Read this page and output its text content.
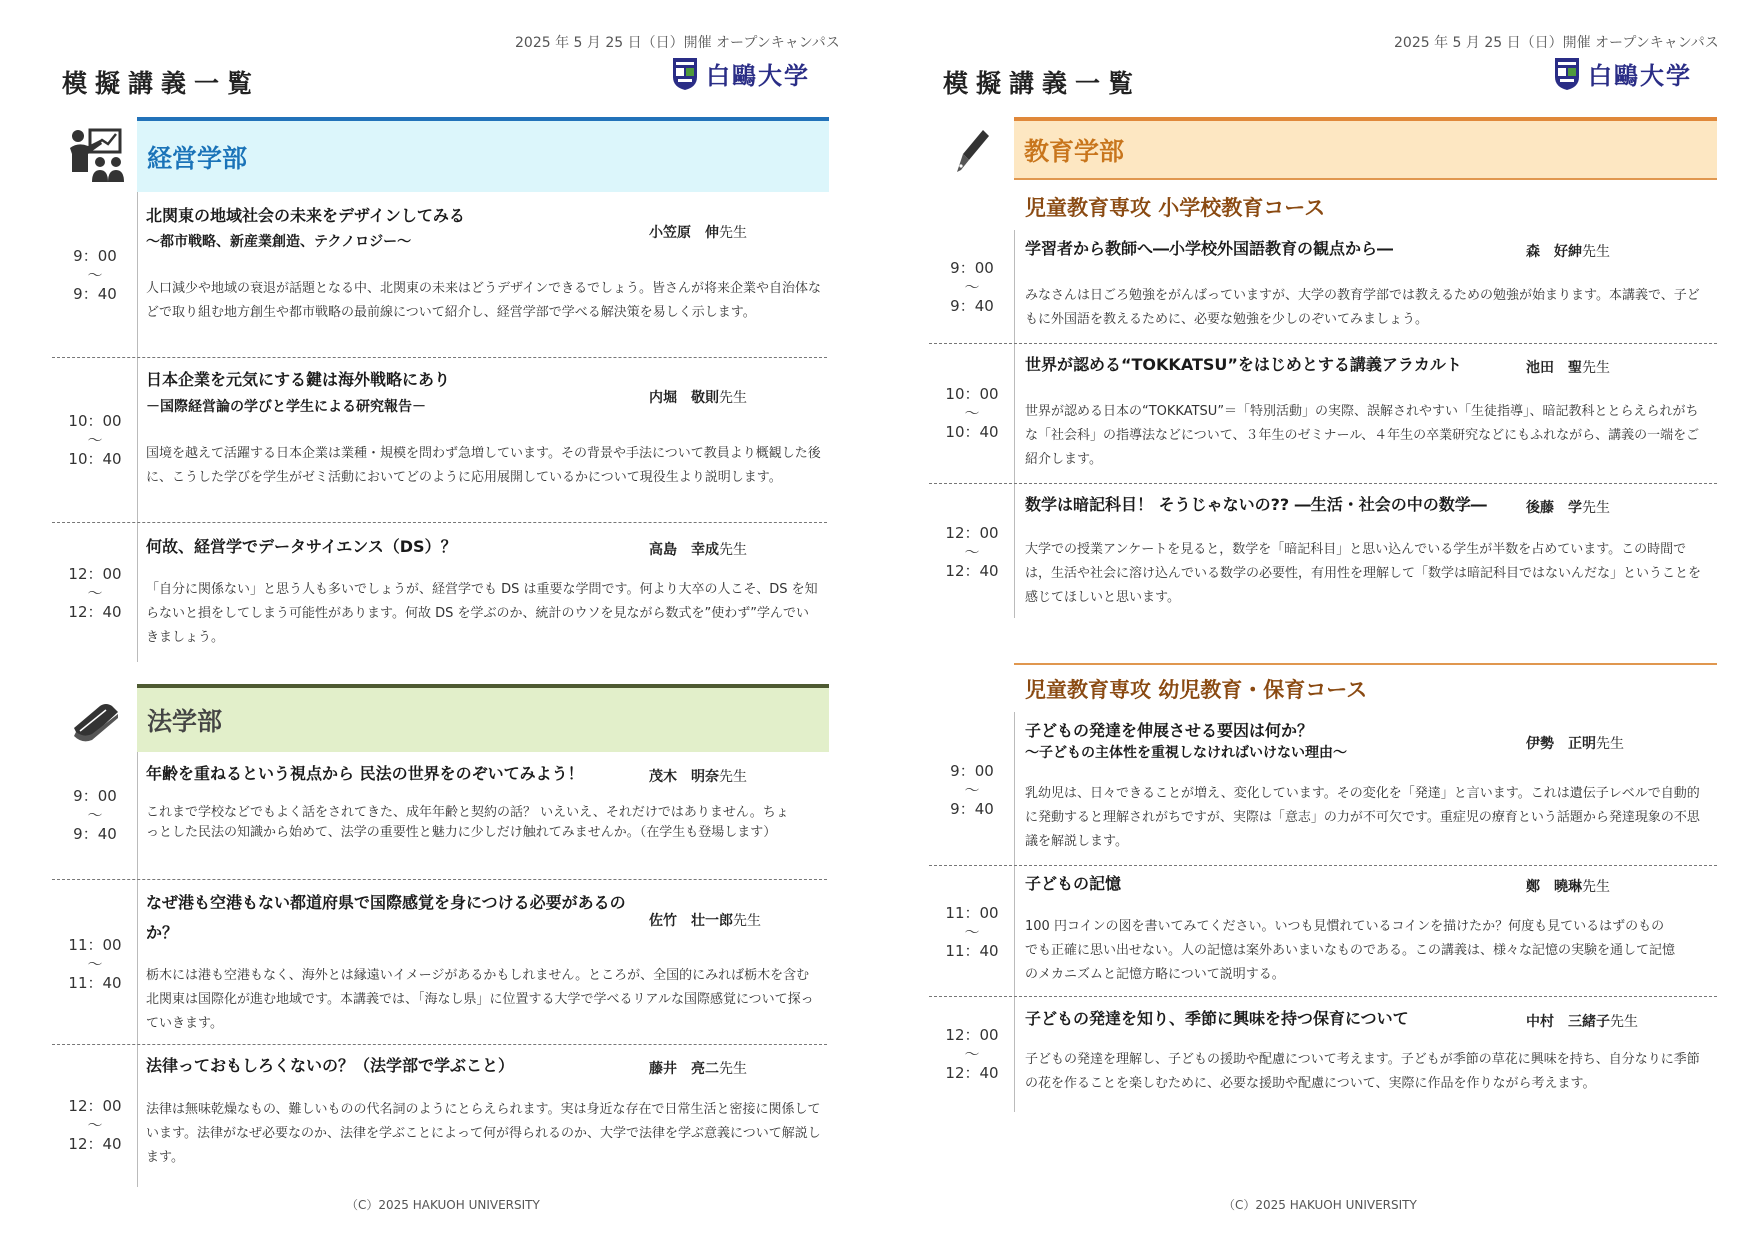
2025 年 5 月 25 日（日）開催 オープンキャンパス
模擬講義一覧	白鷗大学
経営学部
9：00
～
9：40
北関東の地域社会の未来をデザインしてみる
～都市戦略、新産業創造、テクノロジー～
小笠原　伸先生
人口減少や地域の衰退が話題となる中、北関東の未来はどうデザインできるでしょう。皆さんが将来企業や自治体などで取り組む地方創生や都市戦略の最前線について紹介し、経営学部で学べる解決策を易しく示します。
10：00
～
10：40
日本企業を元気にする鍵は海外戦略にあり
－国際経営論の学びと学生による研究報告－
内堀　敬則先生
国境を越えて活躍する日本企業は業種・規模を問わず急増しています。その背景や手法について教員より概観した後に、こうした学びを学生がゼミ活動においてどのように応用展開しているかについて現役生より説明します。
12：00
～
12：40
何故、経営学でデータサイエンス（DS）？	高島　幸成先生
「自分に関係ない」と思う人も多いでしょうが、経営学でも DS は重要な学問です。何より大卒の人こそ、DS を知らないと損をしてしまう可能性があります。何故 DS を学ぶのか、統計のウソを見ながら数式を”使わず”学んでいきましょう。
法学部
9：00
～
9：40
年齢を重ねるという視点から 民法の世界をのぞいてみよう！	茂木　明奈先生
これまで学校などでもよく話をされてきた、成年年齢と契約の話？ いえいえ、それだけではありません。ちょっとした民法の知識から始めて、法学の重要性と魅力に少しだけ触れてみませんか。（在学生も登場します）
11：00
～
11：40
なぜ港も空港もない都道府県で国際感覚を身につける必要があるのか？
佐竹　壮一郎先生
栃木には港も空港もなく、海外とは縁遠いイメージがあるかもしれません。ところが、全国的にみれば栃木を含む北関東は国際化が進む地域です。本講義では、「海なし県」に位置する大学で学べるリアルな国際感覚について探っていきます。
12：00
～
12：40
法律っておもしろくないの？（法学部で学ぶこと）	藤井　亮二先生
法律は無味乾燥なもの、難しいものの代名詞のようにとらえられます。実は身近な存在で日常生活と密接に関係しています。法律がなぜ必要なのか、法律を学ぶことによって何が得られるのか、大学で法律を学ぶ意義について解説します。
（C）2025 HAKUOH UNIVERSITY
2025 年 5 月 25 日（日）開催 オープンキャンパス
模擬講義一覧	白鷗大学
教育学部
児童教育専攻 小学校教育コース
9：00
～
9：40
学習者から教師へ―小学校外国語教育の観点から―	森　好紳先生
みなさんは日ごろ勉強をがんばっていますが、大学の教育学部では教えるための勉強が始まります。本講義で、子どもに外国語を教えるために、必要な勉強を少しのぞいてみましょう。
10：00
～
10：40
世界が認める“TOKKATSU”をはじめとする講義アラカルト	池田　聖先生
世界が認める日本の“TOKKATSU”＝「特別活動」の実際、誤解されやすい「生徒指導」、暗記教科ととらえられがちな「社会科」の指導法などについて、３年生のゼミナール、４年生の卒業研究などにもふれながら、講義の一端をご紹介します。
12：00
～
12：40
数学は暗記科目！ そうじゃないの?? ―生活・社会の中の数学―	後藤　学先生
大学での授業アンケートを見ると，数学を「暗記科目」と思い込んでいる学生が半数を占めています。この時間では，生活や社会に溶け込んでいる数学の必要性，有用性を理解して「数学は暗記科目ではないんだな」ということを感じてほしいと思います。
児童教育専攻 幼児教育・保育コース
9：00
～
9：40
子どもの発達を伸展させる要因は何か？
～子どもの主体性を重視しなければいけない理由～
伊勢　正明先生
乳幼児は、日々できることが増え、変化しています。その変化を「発達」と言います。これは遺伝子レベルで自動的に発動すると理解されがちですが、実際は「意志」の力が不可欠です。重症児の療育という話題から発達現象の不思議を解説します。
11：00
～
11：40
子どもの記憶	鄭　曉琳先生
100 円コインの図を書いてみてください。いつも見慣れているコインを描けたか？何度も見ているはずのものでも正確に思い出せない。人の記憶は案外あいまいなものである。この講義は、様々な記憶の実験を通して記憶のメカニズムと記憶方略について説明する。
12：00
～
12：40
子どもの発達を知り、季節に興味を持つ保育について	中村　三緒子先生
子どもの発達を理解し、子どもの援助や配慮について考えます。子どもが季節の草花に興味を持ち、自分なりに季節の花を作ることを楽しむために、必要な援助や配慮について、実際に作品を作りながら考えます。
（C）2025 HAKUOH UNIVERSITY
